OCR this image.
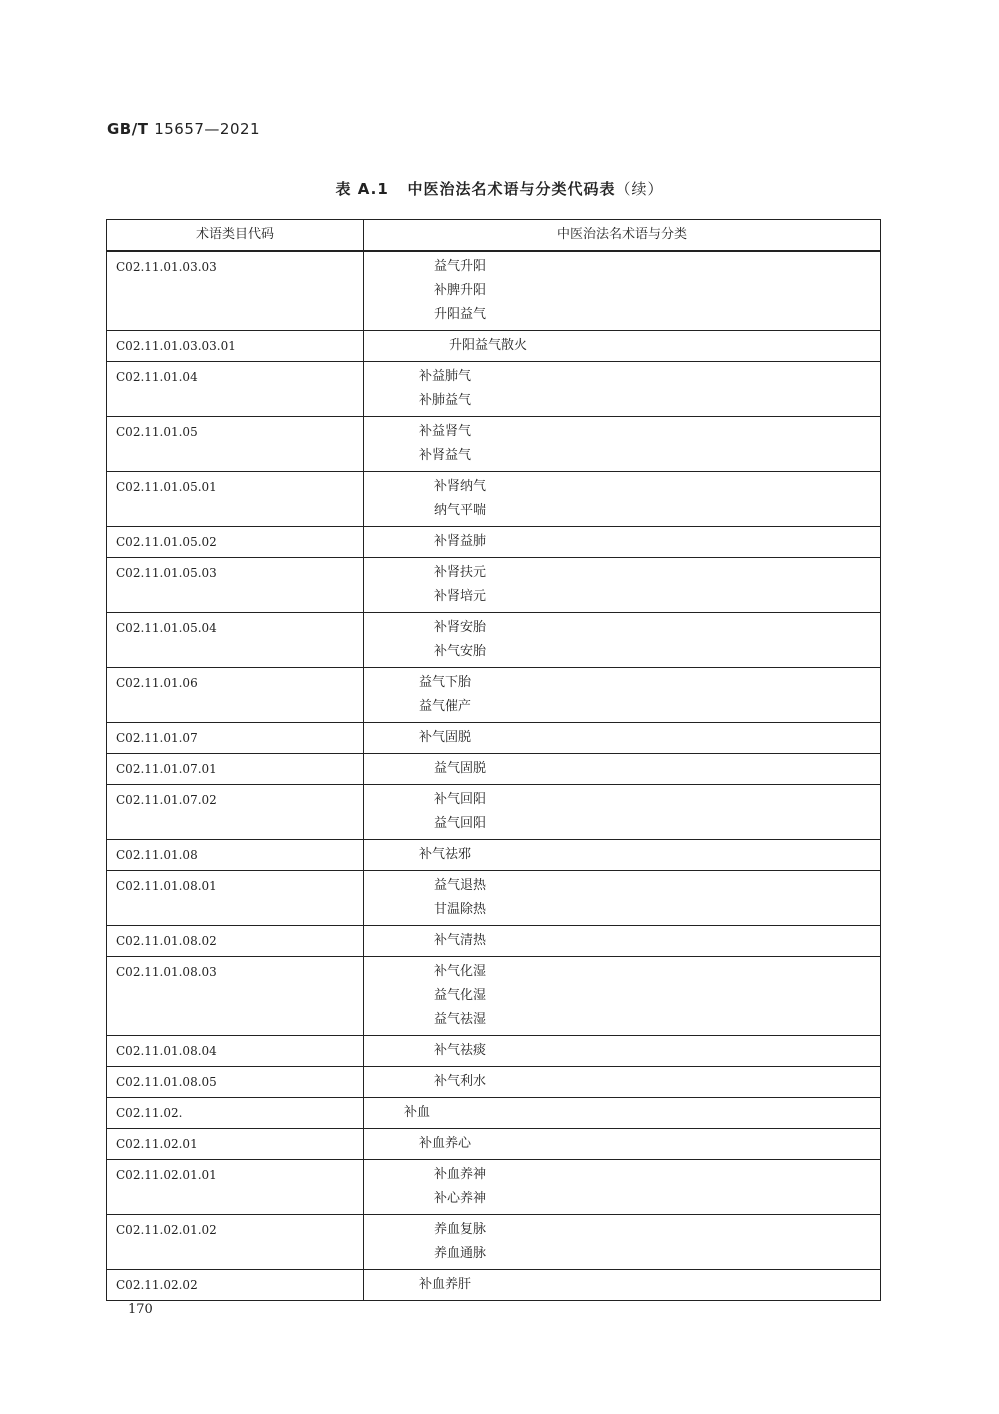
GB/T 15657—2021
表 A.1 中医治法名术语与分类代码表（续）
术语类目代码	中医治法名术语与分类
C02.11.01.03.03	益气升阳
补脾升阳
升阳益气

C02.11.01.03.03.01	升阳益气散火

C02.11.01.04	补益肺气
补肺益气

C02.11.01.05	补益肾气
补肾益气

C02.11.01.05.01	补肾纳气
纳气平喘

C02.11.01.05.02	补肾益肺

C02.11.01.05.03	补肾扶元
补肾培元

C02.11.01.05.04	补肾安胎
补气安胎

C02.11.01.06	益气下胎
益气催产

C02.11.01.07	补气固脱

C02.11.01.07.01	益气固脱

C02.11.01.07.02	补气回阳
益气回阳

C02.11.01.08	补气祛邪

C02.11.01.08.01	益气退热
甘温除热

C02.11.01.08.02	补气清热

C02.11.01.08.03	补气化湿
益气化湿
益气祛湿

C02.11.01.08.04	补气祛痰

C02.11.01.08.05	补气利水

C02.11.02.	补血

C02.11.02.01	补血养心

C02.11.02.01.01	补血养神
补心养神

C02.11.02.01.02	养血复脉
养血通脉

C02.11.02.02	补血养肝
170
